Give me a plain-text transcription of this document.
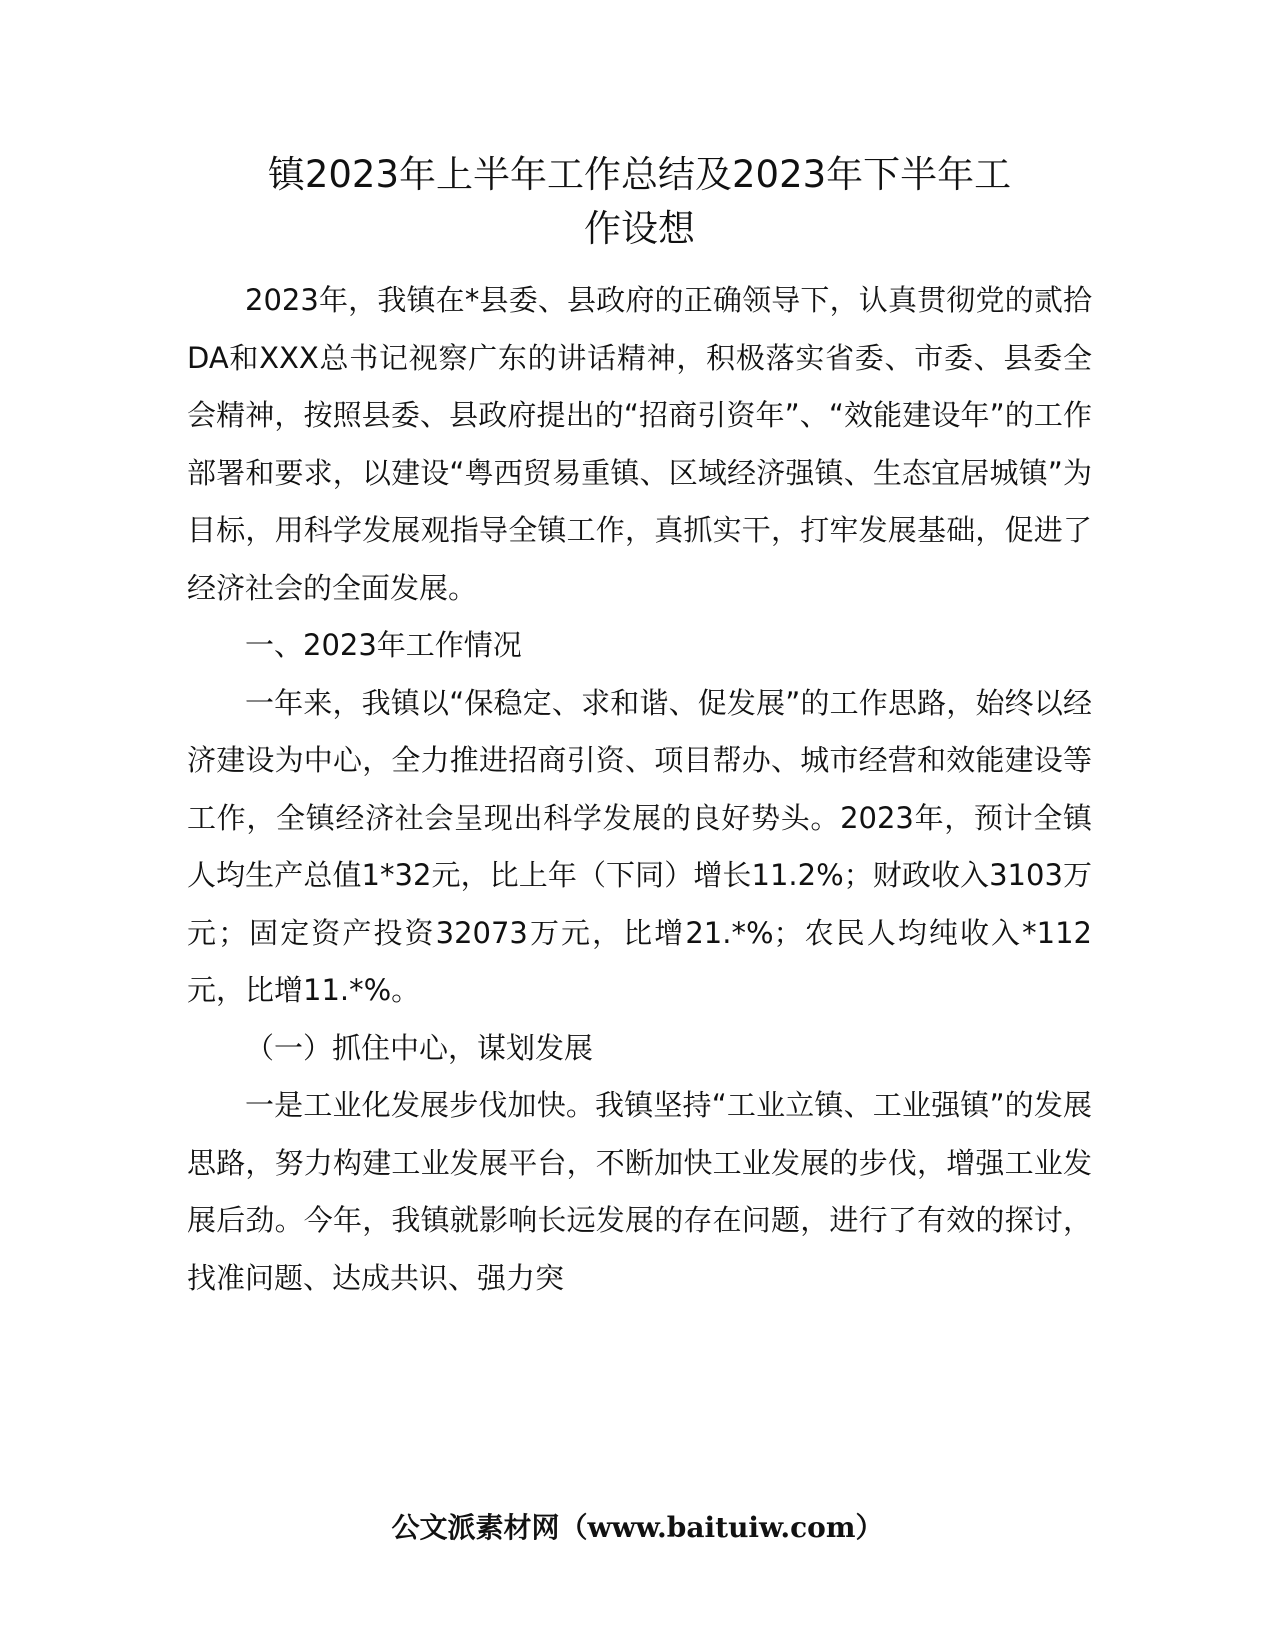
镇2023年上半年工作总结及2023年下半年工
作设想

2023年，我镇在*县委、县政府的正确领导下，认真贯彻党的贰拾DA和XXX总书记视察广东的讲话精神，积极落实省委、市委、县委全会精神，按照县委、县政府提出的“招商引资年”、“效能建设年”的工作部署和要求，以建设“粤西贸易重镇、区域经济强镇、生态宜居城镇”为目标，用科学发展观指导全镇工作，真抓实干，打牢发展基础，促进了经济社会的全面发展。

一、2023年工作情况

一年来，我镇以“保稳定、求和谐、促发展”的工作思路，始终以经济建设为中心，全力推进招商引资、项目帮办、城市经营和效能建设等工作，全镇经济社会呈现出科学发展的良好势头。2023年，预计全镇人均生产总值1*32元，比上年（下同）增长11.2%；财政收入3103万元；固定资产投资32073万元，比增21.*%；农民人均纯收入*112元，比增11.*%。

（一）抓住中心，谋划发展

一是工业化发展步伐加快。我镇坚持“工业立镇、工业强镇”的发展思路，努力构建工业发展平台，不断加快工业发展的步伐，增强工业发展后劲。今年，我镇就影响长远发展的存在问题，进行了有效的探讨，找准问题、达成共识、强力突

公文派素材网（www.baituiw.com）
